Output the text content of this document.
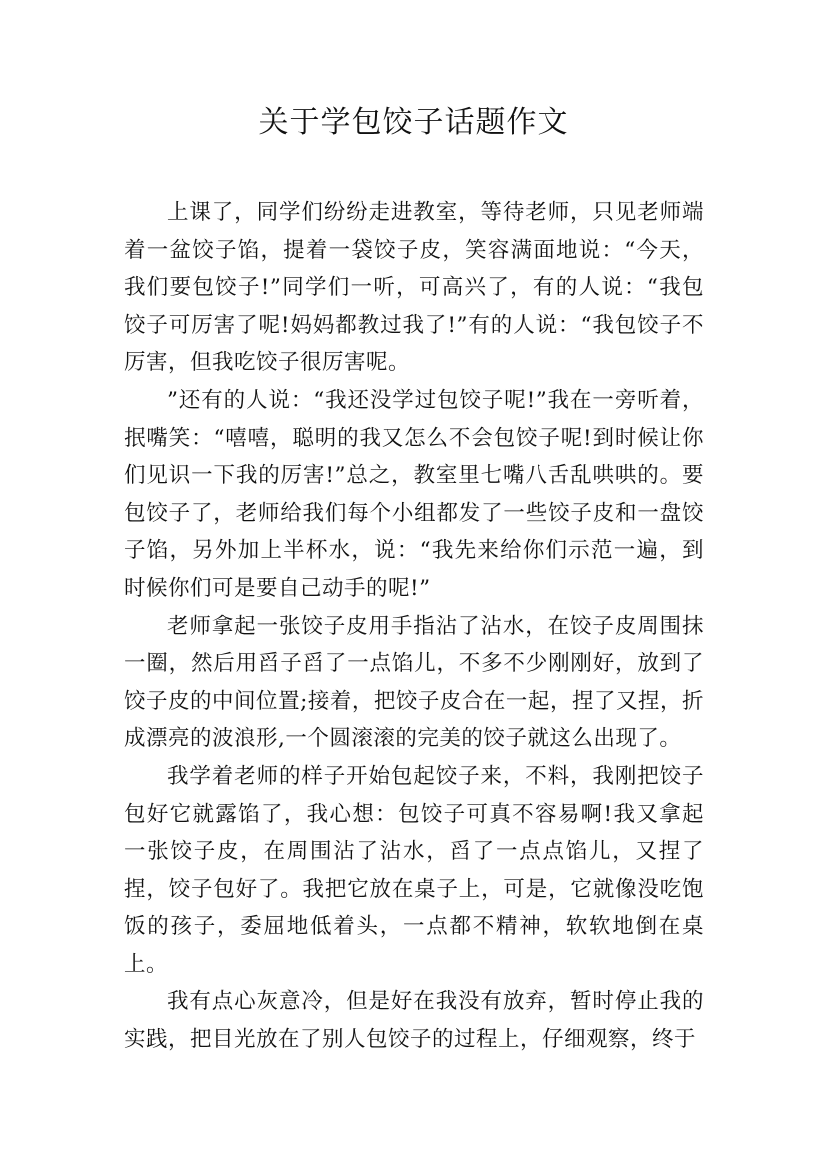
关于学包饺子话题作文

上课了，同学们纷纷走进教室，等待老师，只见老师端着一盆饺子馅，提着一袋饺子皮，笑容满面地说：“今天，我们要包饺子!”同学们一听，可高兴了，有的人说：“我包饺子可厉害了呢!妈妈都教过我了!”有的人说：“我包饺子不厉害，但我吃饺子很厉害呢。

”还有的人说：“我还没学过包饺子呢!”我在一旁听着，抿嘴笑：“嘻嘻，聪明的我又怎么不会包饺子呢!到时候让你们见识一下我的厉害!”总之，教室里七嘴八舌乱哄哄的。要包饺子了，老师给我们每个小组都发了一些饺子皮和一盘饺子馅，另外加上半杯水，说：“我先来给你们示范一遍，到时候你们可是要自己动手的呢!”

老师拿起一张饺子皮用手指沾了沾水，在饺子皮周围抹一圈，然后用舀子舀了一点馅儿，不多不少刚刚好，放到了饺子皮的中间位置;接着，把饺子皮合在一起，捏了又捏，折成漂亮的波浪形,一个圆滚滚的完美的饺子就这么出现了。

我学着老师的样子开始包起饺子来，不料，我刚把饺子包好它就露馅了，我心想：包饺子可真不容易啊!我又拿起一张饺子皮，在周围沾了沾水，舀了一点点馅儿，又捏了捏，饺子包好了。我把它放在桌子上，可是，它就像没吃饱饭的孩子，委屈地低着头，一点都不精神，软软地倒在桌上。

我有点心灰意冷，但是好在我没有放弃，暂时停止我的实践，把目光放在了别人包饺子的过程上，仔细观察，终于
